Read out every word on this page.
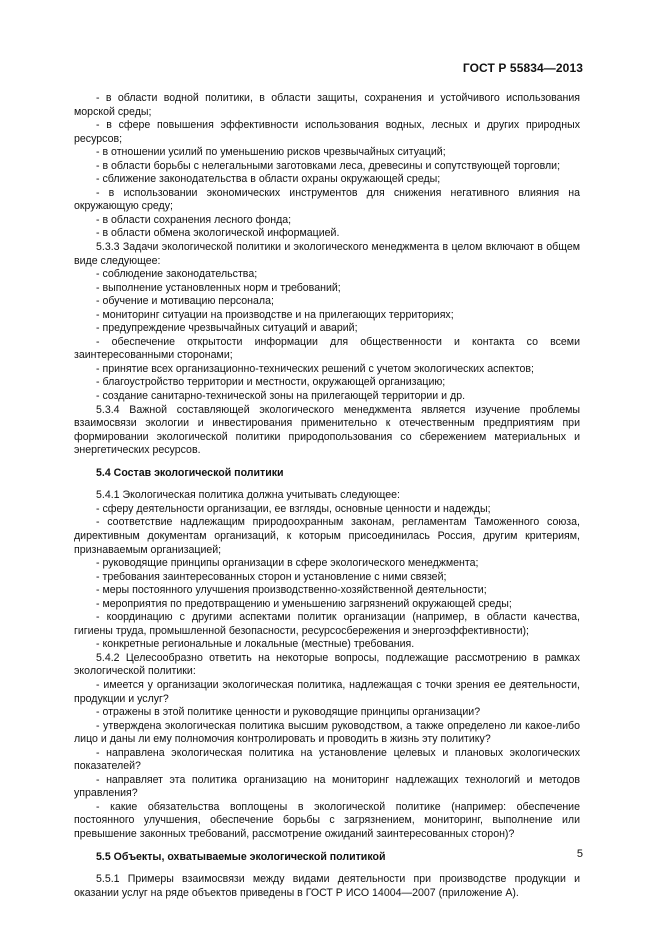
ГОСТ Р 55834—2013

- в области водной политики, в области защиты, сохранения и устойчивого использования морской среды;

- в сфере повышения эффективности использования водных, лесных и других природных ресурсов;

- в отношении усилий по уменьшению рисков чрезвычайных ситуаций;

- в области борьбы с нелегальными заготовками леса, древесины и сопутствующей торговли;

- сближение законодательства в области охраны окружающей среды;

- в использовании экономических инструментов для снижения негативного влияния на окружающую среду;

- в области сохранения лесного фонда;

- в области обмена экологической информацией.

5.3.3 Задачи экологической политики и экологического менеджмента в целом включают в общем виде следующее:

- соблюдение законодательства;

- выполнение установленных норм и требований;

- обучение и мотивацию персонала;

- мониторинг ситуации на производстве и на прилегающих территориях;

- предупреждение чрезвычайных ситуаций и аварий;

- обеспечение открытости информации для общественности и контакта со всеми заинтересованными сторонами;

- принятие всех организационно-технических решений с учетом экологических аспектов;

- благоустройство территории и местности, окружающей организацию;

- создание санитарно-технической зоны на прилегающей территории и др.

5.3.4 Важной составляющей экологического менеджмента является изучение проблемы взаимосвязи экологии и инвестирования применительно к отечественным предприятиям при формировании экологической политики природопользования со сбережением материальных и энергетических ресурсов.

5.4 Состав экологической политики

5.4.1 Экологическая политика должна учитывать следующее:

- сферу деятельности организации, ее взгляды, основные ценности и надежды;

- соответствие надлежащим природоохранным законам, регламентам Таможенного союза, директивным документам организаций, к которым присоединилась Россия, другим критериям, признаваемым организацией;

- руководящие принципы организации в сфере экологического менеджмента;

- требования заинтересованных сторон и установление с ними связей;

- меры постоянного улучшения производственно-хозяйственной деятельности;

- мероприятия по предотвращению и уменьшению загрязнений окружающей среды;

- координацию с другими аспектами политик организации (например, в области качества, гигиены труда, промышленной безопасности, ресурсосбережения и энергоэффективности);

- конкретные региональные и локальные (местные) требования.

5.4.2 Целесообразно ответить на некоторые вопросы, подлежащие рассмотрению в рамках экологической политики:

- имеется у организации экологическая политика, надлежащая с точки зрения ее деятельности, продукции и услуг?

- отражены в этой политике ценности и руководящие принципы организации?

- утверждена экологическая политика высшим руководством, а также определено ли какое-либо лицо и даны ли ему полномочия контролировать и проводить в жизнь эту политику?

- направлена экологическая политика на установление целевых и плановых экологических показателей?

- направляет эта политика организацию на мониторинг надлежащих технологий и методов управления?

- какие обязательства воплощены в экологической политике (например: обеспечение постоянного улучшения, обеспечение борьбы с загрязнением, мониторинг, выполнение или превышение законных требований, рассмотрение ожиданий заинтересованных сторон)?

5.5 Объекты, охватываемые экологической политикой

5.5.1 Примеры взаимосвязи между видами деятельности при производстве продукции и оказании услуг на ряде объектов приведены в ГОСТ Р ИСО 14004—2007 (приложение А).

5
